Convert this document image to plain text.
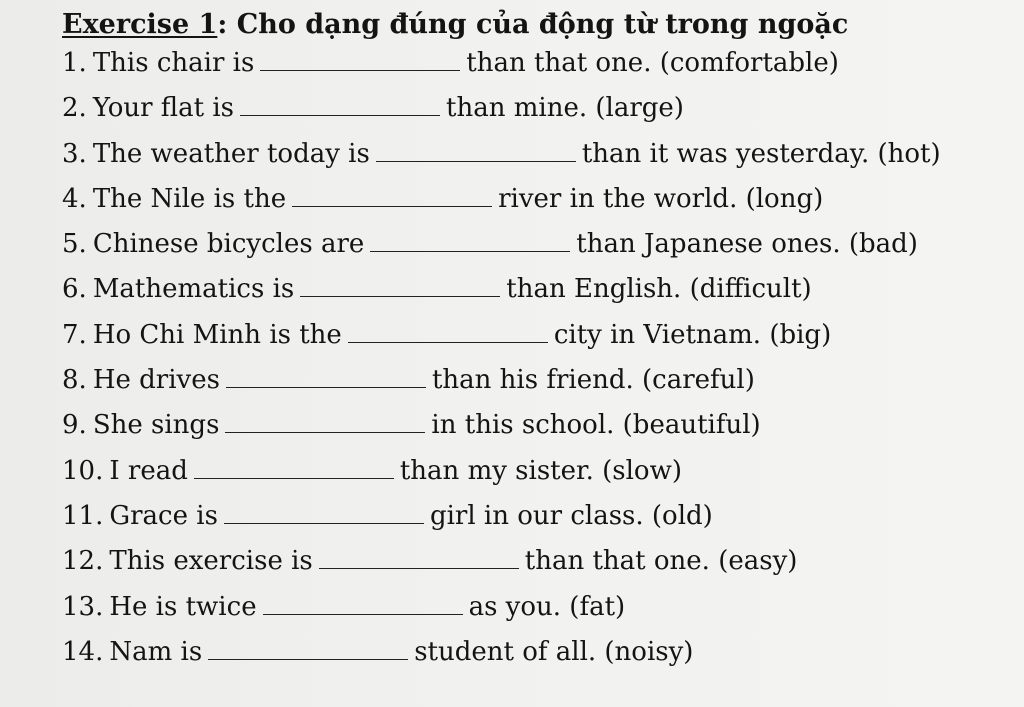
Exercise 1: Cho dạng đúng của động từ trong ngoặc
1. This chair is	than that one. (comfortable)
2. Your flat is	than mine. (large)
3. The weather today is	than it was yesterday. (hot)
4. The Nile is the	river in the world. (long)
5. Chinese bicycles are	than Japanese ones. (bad)
6. Mathematics is	than English. (difficult)
7. Ho Chi Minh is the	city in Vietnam. (big)
8. He drives	than his friend. (careful)
9. She sings	in this school. (beautiful)
10. I read	than my sister. (slow)
11. Grace is	girl in our class. (old)
12. This exercise is	than that one. (easy)
13. He is twice	as you. (fat)
14. Nam is	student of all. (noisy)
